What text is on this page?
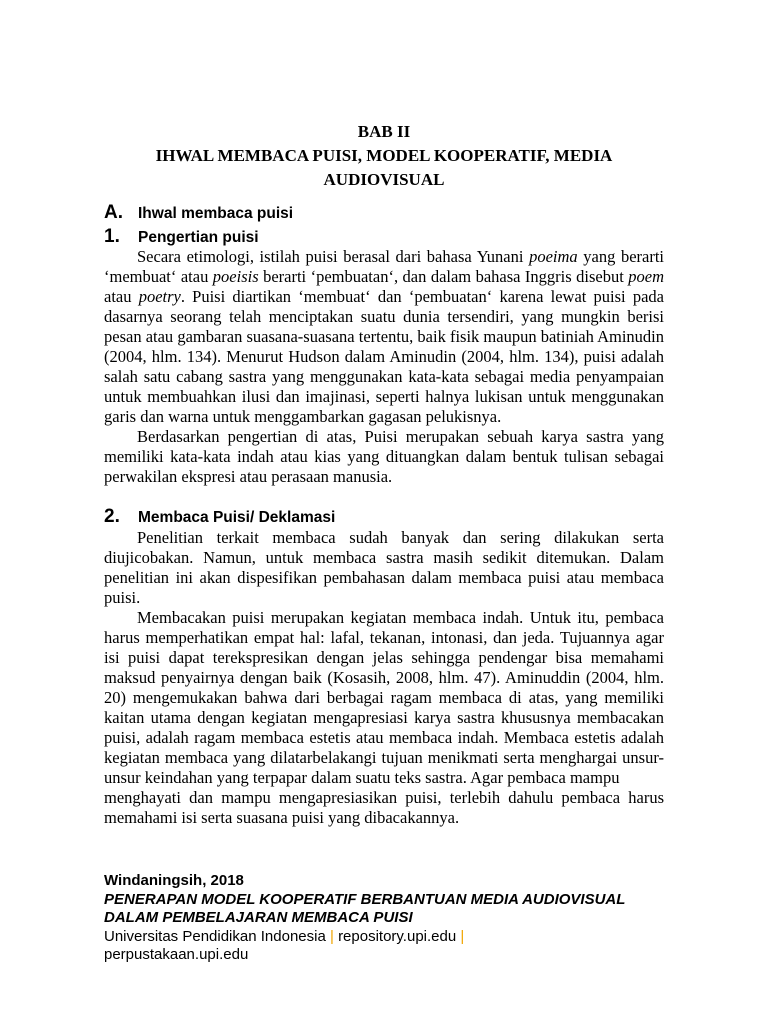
BAB II
IHWAL MEMBACA PUISI, MODEL KOOPERATIF, MEDIA
AUDIOVISUAL
A. Ihwal membaca puisi
1. Pengertian puisi

Secara etimologi, istilah puisi berasal dari bahasa Yunani poeima yang berarti ‘membuat‘ atau poeisis berarti ‘pembuatan‘, dan dalam bahasa Inggris disebut poem atau poetry. Puisi diartikan ‘membuat‘ dan ‘pembuatan‘ karena lewat puisi pada dasarnya seorang telah menciptakan suatu dunia tersendiri, yang mungkin berisi pesan atau gambaran suasana-suasana tertentu, baik fisik maupun batiniah Aminudin (2004, hlm. 134). Menurut Hudson dalam Aminudin (2004, hlm. 134), puisi adalah salah satu cabang sastra yang menggunakan kata-kata sebagai media penyampaian untuk membuahkan ilusi dan imajinasi, seperti halnya lukisan untuk menggunakan garis dan warna untuk menggambarkan gagasan pelukisnya.

Berdasarkan pengertian di atas, Puisi merupakan sebuah karya sastra yang memiliki kata-kata indah atau kias yang dituangkan dalam bentuk tulisan sebagai perwakilan ekspresi atau perasaan manusia.

2. Membaca Puisi/ Deklamasi

Penelitian terkait membaca sudah banyak dan sering dilakukan serta diujicobakan. Namun, untuk membaca sastra masih sedikit ditemukan. Dalam penelitian ini akan dispesifikan pembahasan dalam membaca puisi atau membaca puisi.

Membacakan puisi merupakan kegiatan membaca indah. Untuk itu, pembaca harus memperhatikan empat hal: lafal, tekanan, intonasi, dan jeda. Tujuannya agar isi puisi dapat terekspresikan dengan jelas sehingga pendengar bisa memahami maksud penyairnya dengan baik (Kosasih, 2008, hlm. 47). Aminuddin (2004, hlm. 20) mengemukakan bahwa dari berbagai ragam membaca di atas, yang memiliki kaitan utama dengan kegiatan mengapresiasi karya sastra khususnya membacakan puisi, adalah ragam membaca estetis atau membaca indah. Membaca estetis adalah kegiatan membaca yang dilatarbelakangi tujuan menikmati serta menghargai unsur-unsur keindahan yang terpapar dalam suatu teks sastra. Agar pembaca mampu

menghayati dan mampu mengapresiasikan puisi, terlebih dahulu pembaca harus memahami isi serta suasana puisi yang dibacakannya.

Windaningsih, 2018
PENERAPAN MODEL KOOPERATIF BERBANTUAN MEDIA AUDIOVISUAL
DALAM PEMBELAJARAN MEMBACA PUISI
Universitas Pendidikan Indonesia | repository.upi.edu |
perpustakaan.upi.edu
